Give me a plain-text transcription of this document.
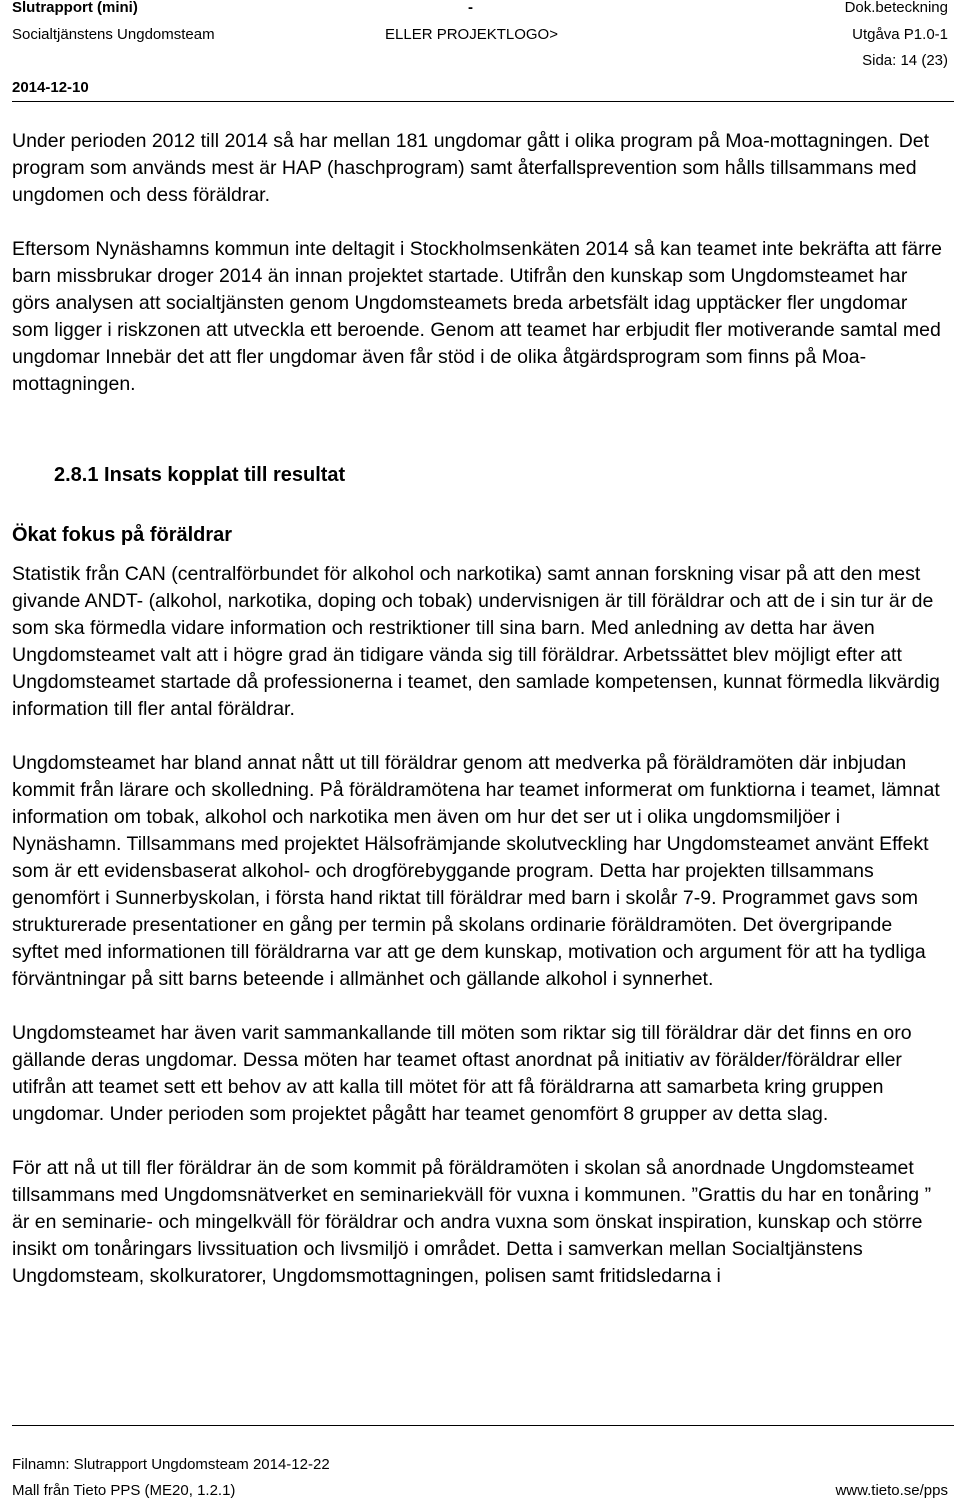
Slutrapport (mini)	-	Dok.beteckning
Socialtjänstens Ungdomsteam	ELLER PROJEKTLOGO>	Utgåva P1.0-1
Sida: 14 (23)
2014-12-10

Under perioden 2012 till 2014 så har mellan 181 ungdomar gått i olika program på Moa-mottagningen. Det program som används mest är HAP (haschprogram) samt återfallsprevention som hålls tillsammans med ungdomen och dess föräldrar.

Eftersom Nynäshamns kommun inte deltagit i Stockholmsenkäten 2014 så kan teamet inte bekräfta att färre barn missbrukar droger 2014 än innan projektet startade. Utifrån den kunskap som Ungdomsteamet har görs analysen att socialtjänsten genom Ungdomsteamets breda arbetsfält idag upptäcker fler ungdomar som ligger i riskzonen att utveckla ett beroende. Genom att teamet har erbjudit fler motiverande samtal med ungdomar Innebär det att fler ungdomar även får stöd i de olika åtgärdsprogram som finns på Moa-mottagningen.

2.8.1 Insats kopplat till resultat
Ökat fokus på föräldrar

Statistik från CAN (centralförbundet för alkohol och narkotika) samt annan forskning visar på att den mest givande ANDT- (alkohol, narkotika, doping och tobak) undervisnigen är till föräldrar och att de i sin tur är de som ska förmedla vidare information och restriktioner till sina barn. Med anledning av detta har även Ungdomsteamet valt att i högre grad än tidigare vända sig till föräldrar. Arbetssättet blev möjligt efter att Ungdomsteamet startade då professionerna i teamet, den samlade kompetensen, kunnat förmedla likvärdig information till fler antal föräldrar.

Ungdomsteamet har bland annat nått ut till föräldrar genom att medverka på föräldramöten där inbjudan kommit från lärare och skolledning. På föräldramötena har teamet informerat om funktiorna i teamet, lämnat information om tobak, alkohol och narkotika men även om hur det ser ut i olika ungdomsmiljöer i Nynäshamn. Tillsammans med projektet Hälsofrämjande skolutveckling har Ungdomsteamet använt Effekt som är ett evidensbaserat alkohol- och drogförebyggande program. Detta har projekten tillsammans genomfört i Sunnerbyskolan, i första hand riktat till föräldrar med barn i skolår 7-9. Programmet gavs som strukturerade presentationer en gång per termin på skolans ordinarie föräldramöten. Det övergripande syftet med informationen till föräldrarna var att ge dem kunskap, motivation och argument för att ha tydliga förväntningar på sitt barns beteende i allmänhet och gällande alkohol i synnerhet.

Ungdomsteamet har även varit sammankallande till möten som riktar sig till föräldrar där det finns en oro gällande deras ungdomar. Dessa möten har teamet oftast anordnat på initiativ av förälder/föräldrar eller utifrån att teamet sett ett behov av att kalla till mötet för att få föräldrarna att samarbeta kring gruppen ungdomar. Under perioden som projektet pågått har teamet genomfört 8 grupper av detta slag.

För att nå ut till fler föräldrar än de som kommit på föräldramöten i skolan så anordnade Ungdomsteamet tillsammans med Ungdomsnätverket en seminariekväll för vuxna i kommunen. ”Grattis du har en tonåring ” är en seminarie- och mingelkväll för föräldrar och andra vuxna som önskat inspiration, kunskap och större insikt om tonåringars livssituation och livsmiljö i området. Detta i samverkan mellan Socialtjänstens Ungdomsteam, skolkuratorer, Ungdomsmottagningen, polisen samt fritidsledarna i

Filnamn: Slutrapport Ungdomsteam 2014-12-22
Mall från Tieto PPS (ME20, 1.2.1)	www.tieto.se/pps
